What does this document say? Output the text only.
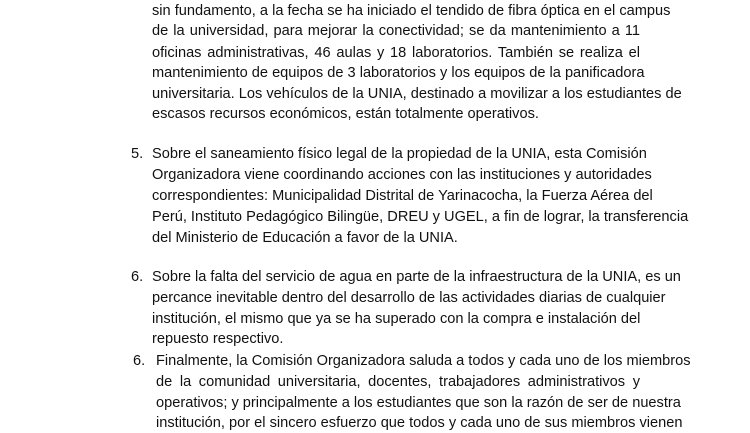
sin fundamento, a la fecha se ha iniciado el tendido de fibra óptica en el campus
de la universidad, para mejorar la conectividad; se da mantenimiento a 11
oficinas administrativas, 46 aulas y 18 laboratorios. También se realiza el
mantenimiento de equipos de 3 laboratorios y los equipos de la panificadora
universitaria. Los vehículos de la UNIA, destinado a movilizar a los estudiantes de
escasos recursos económicos, están totalmente operativos.
5. Sobre el saneamiento físico legal de la propiedad de la UNIA, esta Comisión
Organizadora viene coordinando acciones con las instituciones y autoridades
correspondientes: Municipalidad Distrital de Yarinacocha, la Fuerza Aérea del
Perú, Instituto Pedagógico Bilingüe, DREU y UGEL, a fin de lograr, la transferencia
del Ministerio de Educación a favor de la UNIA.
6. Sobre la falta del servicio de agua en parte de la infraestructura de la UNIA, es un
percance inevitable dentro del desarrollo de las actividades diarias de cualquier
institución, el mismo que ya se ha superado con la compra e instalación del
repuesto respectivo.
6. Finalmente, la Comisión Organizadora saluda a todos y cada uno de los miembros
de la comunidad universitaria, docentes, trabajadores administrativos y
operativos; y principalmente a los estudiantes que son la razón de ser de nuestra
institución, por el sincero esfuerzo que todos y cada uno de sus miembros vienen
